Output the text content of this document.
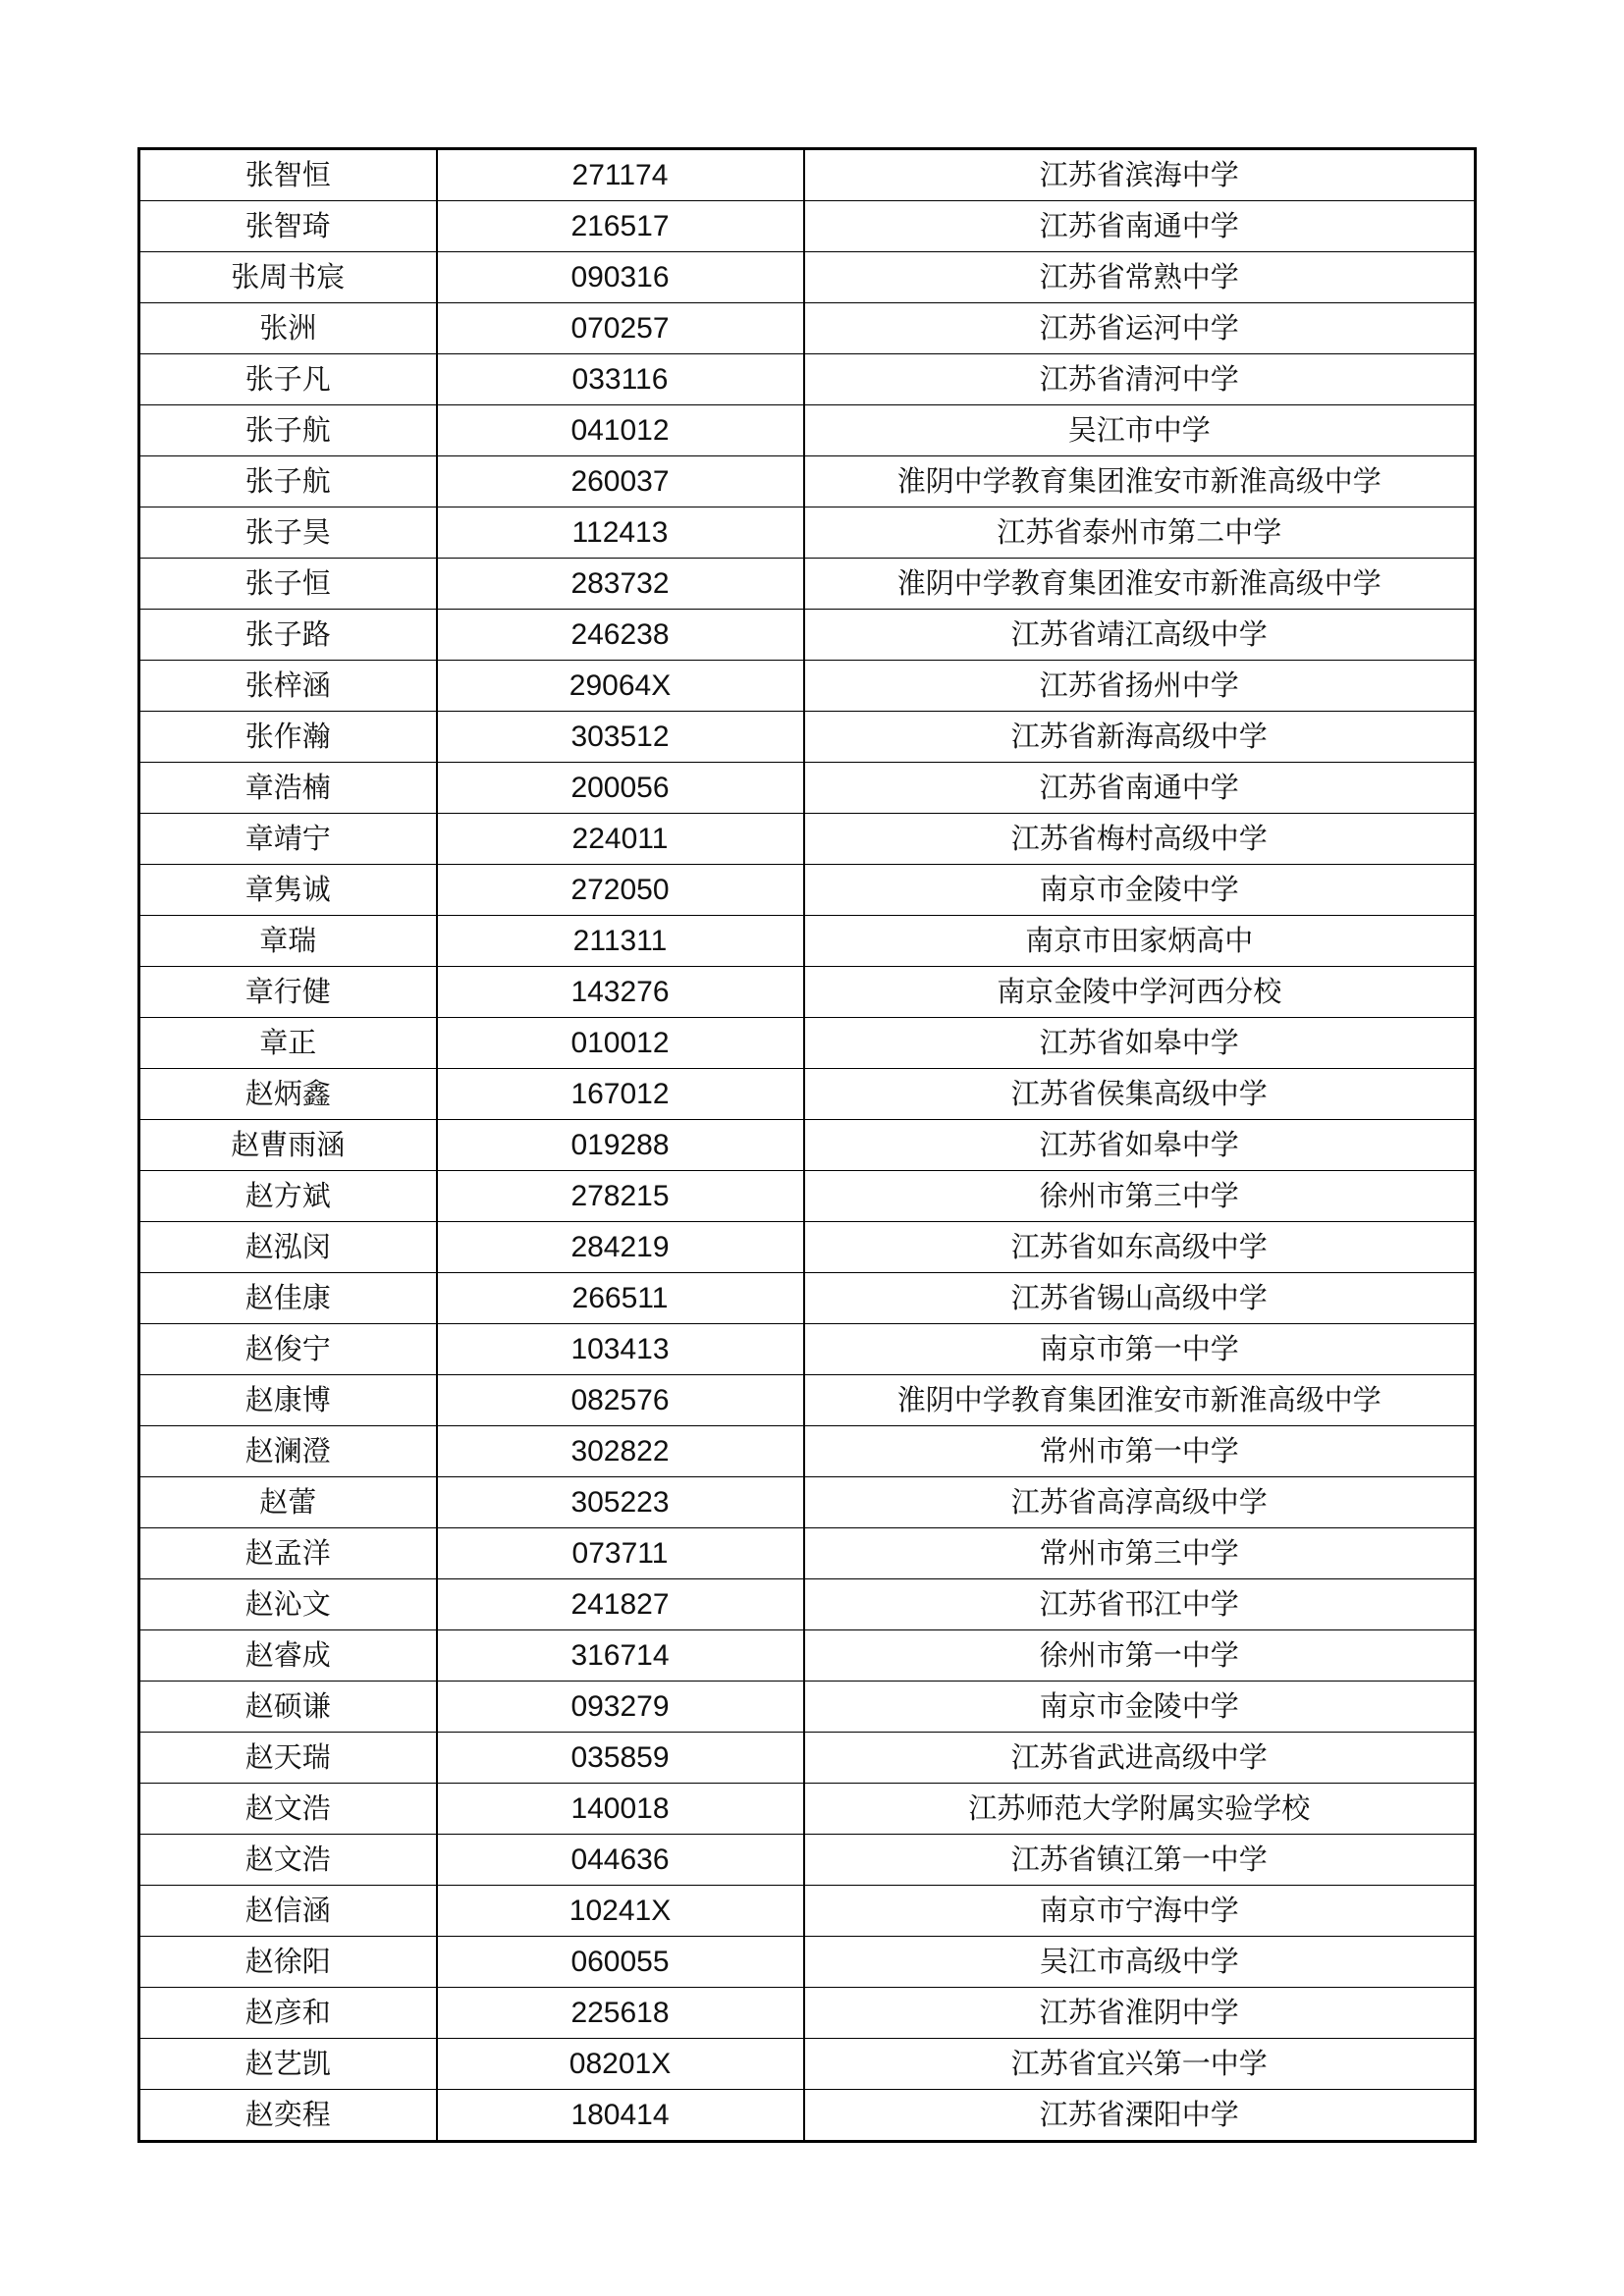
张智恒	271174	江苏省滨海中学
张智琦	216517	江苏省南通中学
张周书宸	090316	江苏省常熟中学
张洲	070257	江苏省运河中学
张子凡	033116	江苏省清河中学
张子航	041012	吴江市中学
张子航	260037	淮阴中学教育集团淮安市新淮高级中学
张子昊	112413	江苏省泰州市第二中学
张子恒	283732	淮阴中学教育集团淮安市新淮高级中学
张子路	246238	江苏省靖江高级中学
张梓涵	29064X	江苏省扬州中学
张作瀚	303512	江苏省新海高级中学
章浩楠	200056	江苏省南通中学
章靖宁	224011	江苏省梅村高级中学
章隽诚	272050	南京市金陵中学
章瑞	211311	南京市田家炳高中
章行健	143276	南京金陵中学河西分校
章正	010012	江苏省如皋中学
赵炳鑫	167012	江苏省侯集高级中学
赵曹雨涵	019288	江苏省如皋中学
赵方斌	278215	徐州市第三中学
赵泓闵	284219	江苏省如东高级中学
赵佳康	266511	江苏省锡山高级中学
赵俊宁	103413	南京市第一中学
赵康博	082576	淮阴中学教育集团淮安市新淮高级中学
赵澜澄	302822	常州市第一中学
赵蕾	305223	江苏省高淳高级中学
赵孟洋	073711	常州市第三中学
赵沁文	241827	江苏省邗江中学
赵睿成	316714	徐州市第一中学
赵硕谦	093279	南京市金陵中学
赵天瑞	035859	江苏省武进高级中学
赵文浩	140018	江苏师范大学附属实验学校
赵文浩	044636	江苏省镇江第一中学
赵信涵	10241X	南京市宁海中学
赵徐阳	060055	吴江市高级中学
赵彦和	225618	江苏省淮阴中学
赵艺凯	08201X	江苏省宜兴第一中学
赵奕程	180414	江苏省溧阳中学
